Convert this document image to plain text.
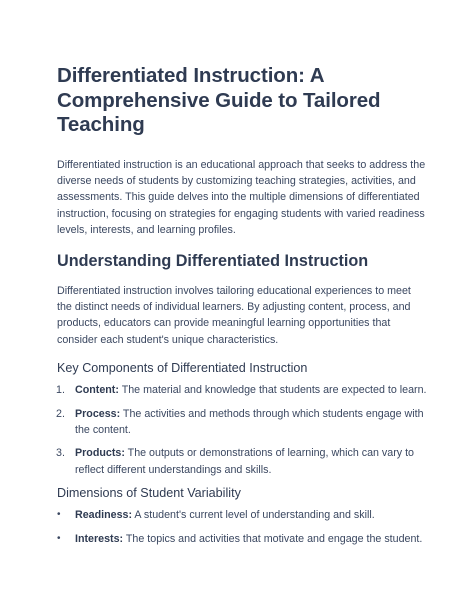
Differentiated Instruction: A Comprehensive Guide to Tailored Teaching

Differentiated instruction is an educational approach that seeks to address the diverse needs of students by customizing teaching strategies, activities, and assessments. This guide delves into the multiple dimensions of differentiated instruction, focusing on strategies for engaging students with varied readiness levels, interests, and learning profiles.

Understanding Differentiated Instruction

Differentiated instruction involves tailoring educational experiences to meet the distinct needs of individual learners. By adjusting content, process, and products, educators can provide meaningful learning opportunities that consider each student's unique characteristics.

Key Components of Differentiated Instruction
1. Content: The material and knowledge that students are expected to learn.
2. Process: The activities and methods through which students engage with the content.
3. Products: The outputs or demonstrations of learning, which can vary to reflect different understandings and skills.
Dimensions of Student Variability
•	Readiness: A student's current level of understanding and skill.
•	Interests: The topics and activities that motivate and engage the student.
